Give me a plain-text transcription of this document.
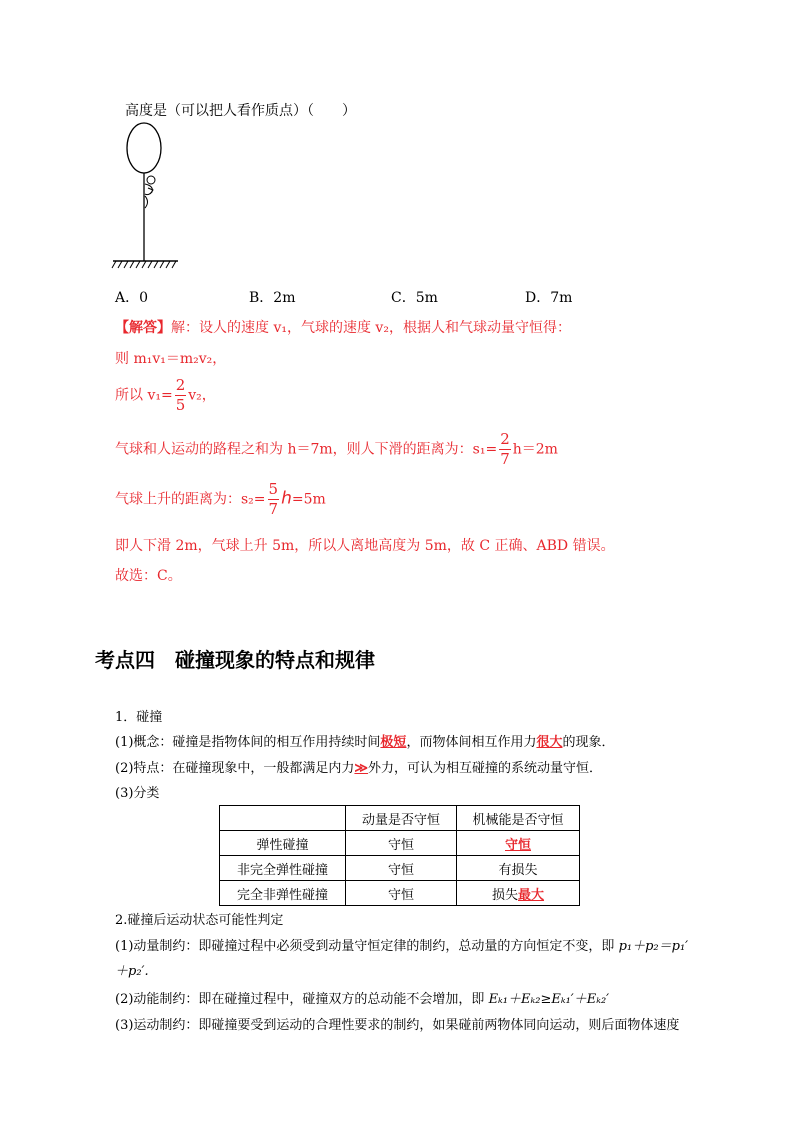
高度是（可以把人看作质点）（　　）
A．0	B．2m	C．5m	D．7m
【解答】解：设人的速度 v₁，气球的速度 v₂，根据人和气球动量守恒得：
则 m₁v₁＝m₂v₂，
所以 $v_1= \frac{2}{5} v_2$，
气球和人运动的路程之和为 h＝7m，则人下滑的距离为：$s_1= \frac{2}{7} h=2m$
气球上升的距离为：$s_2= \frac{5}{7} h=5m$
即人下滑 2m，气球上升 5m，所以人离地高度为 5m，故 C 正确、ABD 错误。
故选：C。
考点四　碰撞现象的特点和规律
1．碰撞
(1)概念：碰撞是指物体间的相互作用持续时间极短，而物体间相互作用力很大的现象．
(2)特点：在碰撞现象中，一般都满足内力≫外力，可认为相互碰撞的系统动量守恒．
(3)分类
	动量是否守恒	机械能是否守恒
弹性碰撞	守恒	守恒
非完全弹性碰撞	守恒	有损失
完全非弹性碰撞	守恒	损失最大
2.碰撞后运动状态可能性判定
(1)动量制约：即碰撞过程中必须受到动量守恒定律的制约，总动量的方向恒定不变，即 p₁＋p₂＝p₁′
＋p₂′.
(2)动能制约：即在碰撞过程中，碰撞双方的总动能不会增加，即 Eₖ₁＋Eₖ₂≥Eₖ₁′＋Eₖ₂′
(3)运动制约：即碰撞要受到运动的合理性要求的制约，如果碰前两物体同向运动，则后面物体速度
